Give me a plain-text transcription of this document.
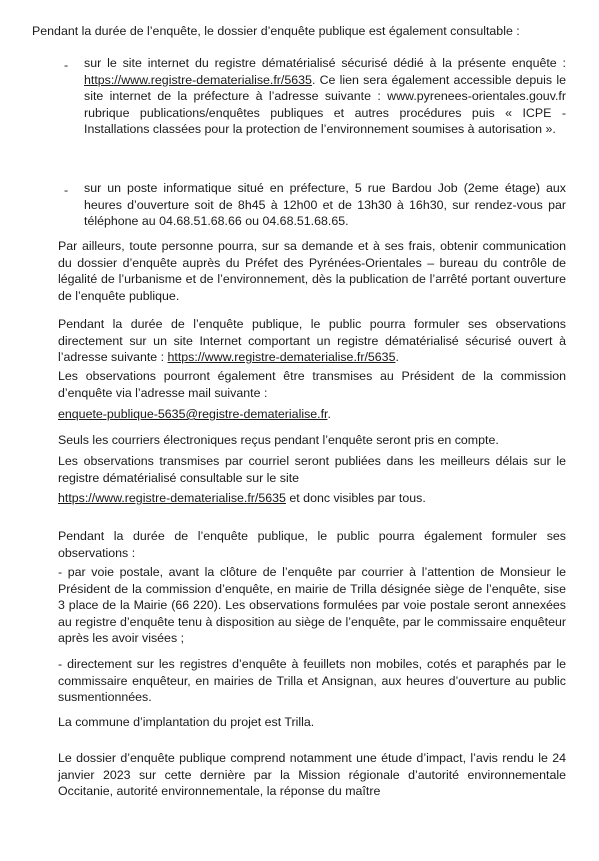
Pendant la durée de l’enquête, le dossier d’enquête publique est également consultable :

- sur le site internet du registre dématérialisé sécurisé dédié à la présente enquête : https://www.registre-dematerialise.fr/5635. Ce lien sera également accessible depuis le site internet de la préfecture à l’adresse suivante : www.pyrenees-orientales.gouv.fr rubrique publications/enquêtes publiques et autres procédures puis « ICPE - Installations classées pour la protection de l’environnement soumises à autorisation ».

- sur un poste informatique situé en préfecture, 5 rue Bardou Job (2eme étage) aux heures d’ouverture soit de 8h45 à 12h00 et de 13h30 à 16h30, sur rendez-vous par téléphone au 04.68.51.68.66 ou 04.68.51.68.65.

Par ailleurs, toute personne pourra, sur sa demande et à ses frais, obtenir communication du dossier d’enquête auprès du Préfet des Pyrénées-Orientales – bureau du contrôle de légalité de l’urbanisme et de l’environnement, dès la publication de l’arrêté portant ouverture de l’enquête publique.

Pendant la durée de l’enquête publique, le public pourra formuler ses observations directement sur un site Internet comportant un registre dématérialisé sécurisé ouvert à l’adresse suivante : https://www.registre-dematerialise.fr/5635.

Les observations pourront également être transmises au Président de la commission d’enquête via l’adresse mail suivante :

enquete-publique-5635@registre-dematerialise.fr.

Seuls les courriers électroniques reçus pendant l’enquête seront pris en compte.

Les observations transmises par courriel seront publiées dans les meilleurs délais sur le registre dématérialisé consultable sur le site

https://www.registre-dematerialise.fr/5635 et donc visibles par tous.

Pendant la durée de l’enquête publique, le public pourra également formuler ses observations :

- par voie postale, avant la clôture de l’enquête par courrier à l’attention de Monsieur le Président de la commission d’enquête, en mairie de Trilla désignée siège de l’enquête, sise 3 place de la Mairie (66 220). Les observations formulées par voie postale seront annexées au registre d’enquête tenu à disposition au siège de l’enquête, par le commissaire enquêteur après les avoir visées ;

- directement sur les registres d’enquête à feuillets non mobiles, cotés et paraphés par le commissaire enquêteur, en mairies de Trilla et Ansignan, aux heures d’ouverture au public susmentionnées.

La commune d’implantation du projet est Trilla.

Le dossier d’enquête publique comprend notamment une étude d’impact, l’avis rendu le 24 janvier 2023 sur cette dernière par la Mission régionale d’autorité environnementale Occitanie, autorité environnementale, la réponse du maître
